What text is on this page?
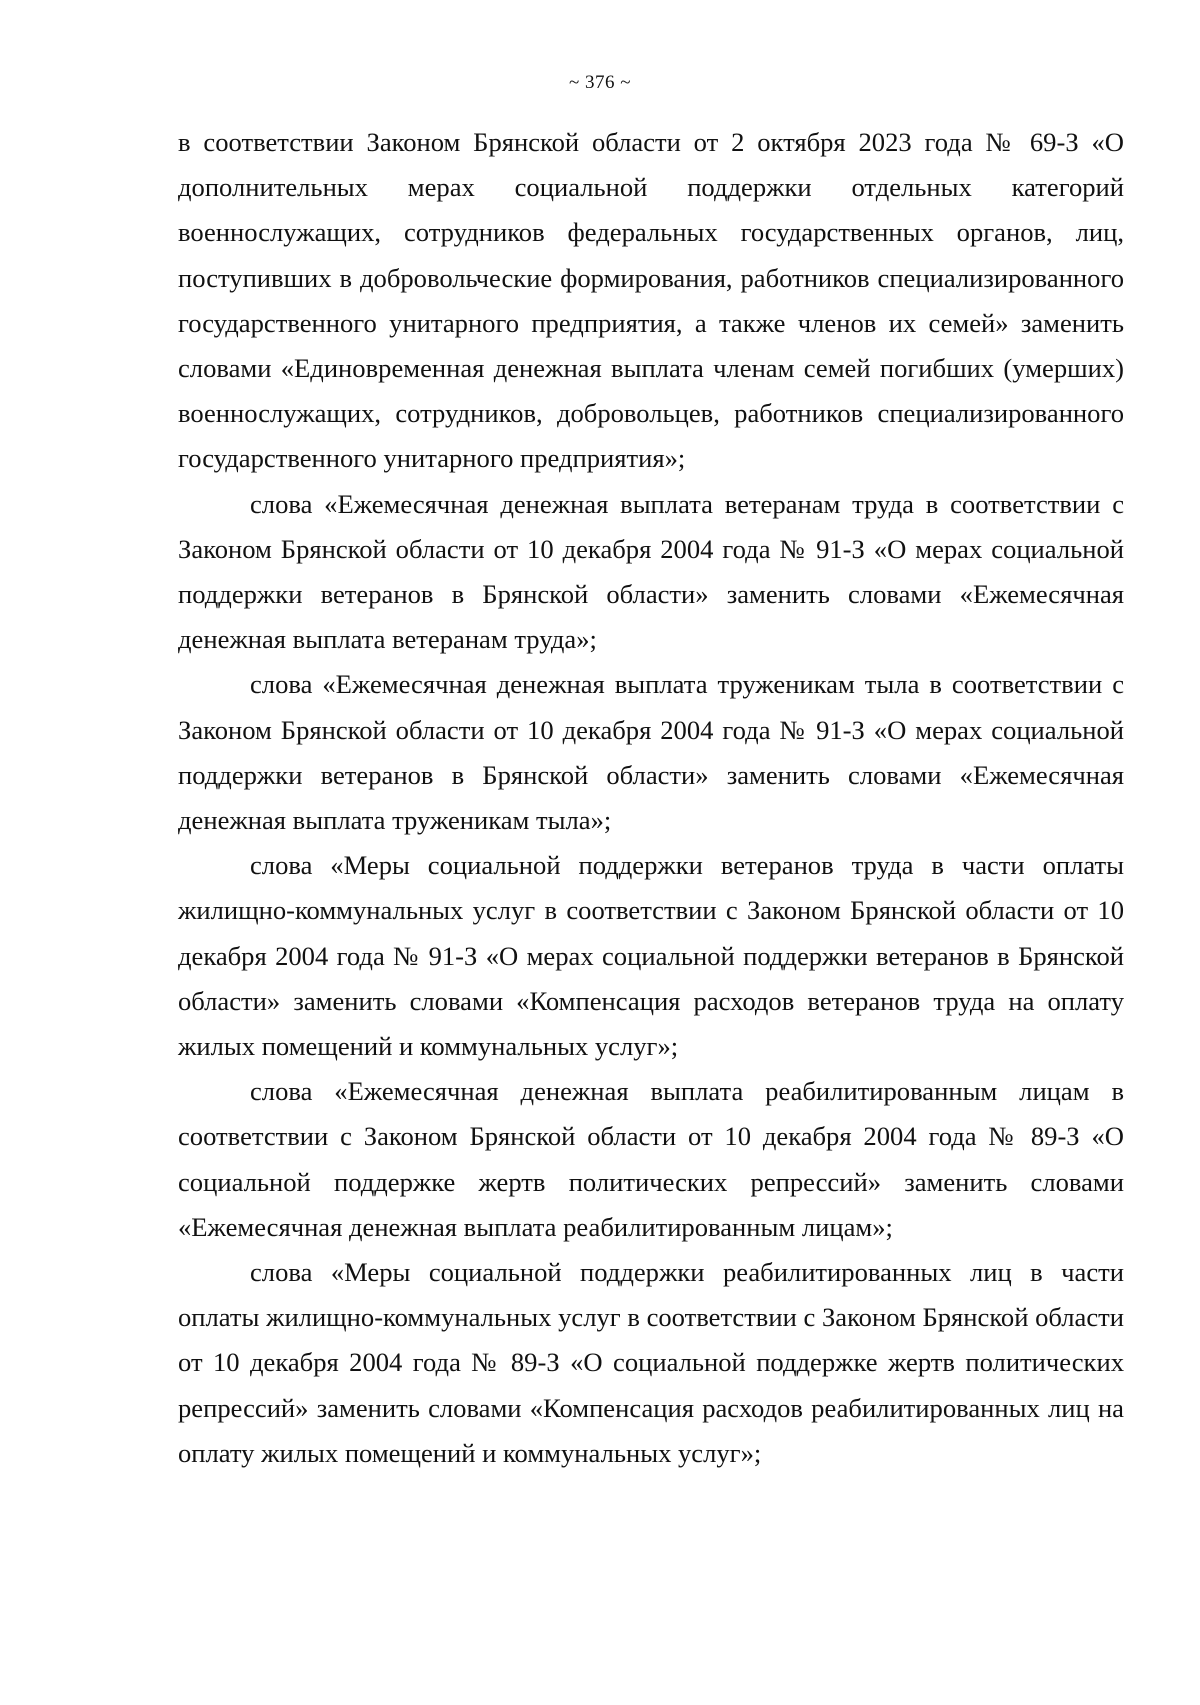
~ 376 ~

в соответствии Законом Брянской области от 2 октября 2023 года № 69-З «О дополнительных мерах социальной поддержки отдельных категорий военнослужащих, сотрудников федеральных государственных органов, лиц, поступивших в добровольческие формирования, работников специализированного государственного унитарного предприятия, а также членов их семей» заменить словами «Единовременная денежная выплата членам семей погибших (умерших) военнослужащих, сотрудников, добровольцев, работников специализированного государственного унитарного предприятия»;

слова «Ежемесячная денежная выплата ветеранам труда в соответствии с Законом Брянской области от 10 декабря 2004 года № 91-З «О мерах социальной поддержки ветеранов в Брянской области» заменить словами «Ежемесячная денежная выплата ветеранам труда»;

слова «Ежемесячная денежная выплата труженикам тыла в соответствии с Законом Брянской области от 10 декабря 2004 года № 91-З «О мерах социальной поддержки ветеранов в Брянской области» заменить словами «Ежемесячная денежная выплата труженикам тыла»;

слова «Меры социальной поддержки ветеранов труда в части оплаты жилищно-коммунальных услуг в соответствии с Законом Брянской области от 10 декабря 2004 года № 91-З «О мерах социальной поддержки ветеранов в Брянской области» заменить словами «Компенсация расходов ветеранов труда на оплату жилых помещений и коммунальных услуг»;

слова «Ежемесячная денежная выплата реабилитированным лицам в соответствии с Законом Брянской области от 10 декабря 2004 года № 89-З «О социальной поддержке жертв политических репрессий» заменить словами «Ежемесячная денежная выплата реабилитированным лицам»;

слова «Меры социальной поддержки реабилитированных лиц в части оплаты жилищно-коммунальных услуг в соответствии с Законом Брянской области от 10 декабря 2004 года № 89-З «О социальной поддержке жертв политических репрессий» заменить словами «Компенсация расходов реабилитированных лиц на оплату жилых помещений и коммунальных услуг»;
